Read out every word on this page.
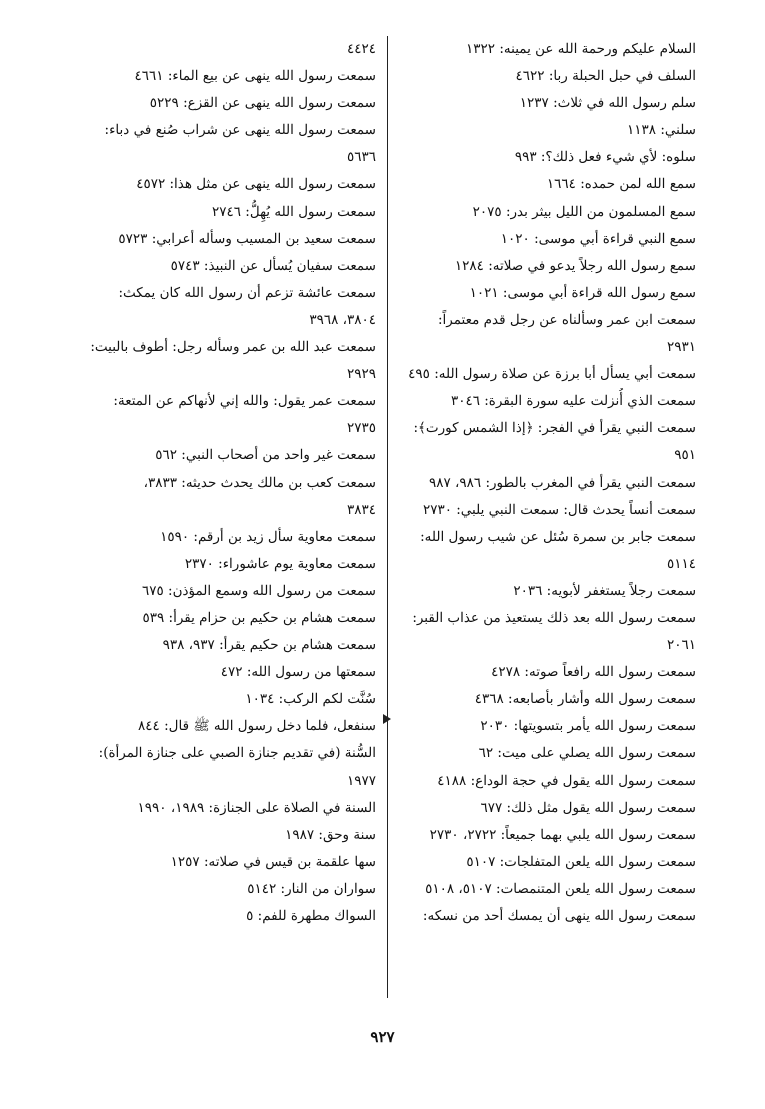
السلام عليكم ورحمة الله عن يمينه: ١٣٢٢
السلف في حبل الحبلة ربا: ٤٦٢٢
سلم رسول الله في ثلاث: ١٢٣٧
سلني: ١١٣٨
سلوه: لأي شيء فعل ذلك؟: ٩٩٣
سمع الله لمن حمده: ١٦٦٤
سمع المسلمون من الليل بيثر بدر: ٢٠٧٥
سمع النبي قراءة أبي موسى: ١٠٢٠
سمع رسول الله رجلاً يدعو في صلاته: ١٢٨٤
سمع رسول الله قراءة أبي موسى: ١٠٢١
سمعت ابن عمر وسألناه عن رجل قدم معتمراً:
٢٩٣١
سمعت أبي يسأل أبا برزة عن صلاة رسول الله: ٤٩٥
سمعت الذي أُنزلت عليه سورة البقرة: ٣٠٤٦
سمعت النبي يقرأ في الفجر: ﴿إذا الشمس كورت﴾:
٩٥١
سمعت النبي يقرأ في المغرب بالطور: ٩٨٦، ٩٨٧
سمعت أنساً يحدث قال: سمعت النبي يلبي: ٢٧٣٠
سمعت جابر بن سمرة سُئل عن شيب رسول الله:
٥١١٤
سمعت رجلاً يستغفر لأبويه: ٢٠٣٦
سمعت رسول الله بعد ذلك يستعيذ من عذاب القبر:
٢٠٦١
سمعت رسول الله رافعاً صوته: ٤٢٧٨
سمعت رسول الله وأشار بأصابعه: ٤٣٦٨
سمعت رسول الله يأمر بتسويتها: ٢٠٣٠
سمعت رسول الله يصلي على ميت: ٦٢
سمعت رسول الله يقول في حجة الوداع: ٤١٨٨
سمعت رسول الله يقول مثل ذلك: ٦٧٧
سمعت رسول الله يلبي بهما جميعاً: ٢٧٢٢، ٢٧٣٠
سمعت رسول الله يلعن المتفلجات: ٥١٠٧
سمعت رسول الله يلعن المتنمصات: ٥١٠٧، ٥١٠٨
سمعت رسول الله ينهى أن يمسك أحد من نسكه:
٤٤٢٤
سمعت رسول الله ينهى عن بيع الماء: ٤٦٦١
سمعت رسول الله ينهى عن القزع: ٥٢٢٩
سمعت رسول الله ينهى عن شراب صُنع في دباء:
٥٦٣٦
سمعت رسول الله ينهى عن مثل هذا: ٤٥٧٢
سمعت رسول الله يُهِلُّ: ٢٧٤٦
سمعت سعيد بن المسيب وسأله أعرابي: ٥٧٢٣
سمعت سفيان يُسأل عن النبيذ: ٥٧٤٣
سمعت عائشة تزعم أن رسول الله كان يمكث:
٣٨٠٤، ٣٩٦٨
سمعت عبد الله بن عمر وسأله رجل: أطوف بالبيت:
٢٩٢٩
سمعت عمر يقول: والله إني لأنهاكم عن المتعة:
٢٧٣٥
سمعت غير واحد من أصحاب النبي: ٥٦٢
سمعت كعب بن مالك يحدث حديثه: ٣٨٣٣،
٣٨٣٤
سمعت معاوية سأل زيد بن أرقم: ١٥٩٠
سمعت معاوية يوم عاشوراء: ٢٣٧٠
سمعت من رسول الله وسمع المؤذن: ٦٧٥
سمعت هشام بن حكيم بن حزام يقرأ: ٥٣٩
سمعت هشام بن حكيم يقرأ: ٩٣٧، ٩٣٨
سمعتها من رسول الله: ٤٧٢
سُنَّت لكم الركب: ١٠٣٤
سنفعل، فلما دخل رسول الله ﷺ قال: ٨٤٤
السُّنة (في تقديم جنازة الصبي على جنازة المرأة):
١٩٧٧
السنة في الصلاة على الجنازة: ١٩٨٩، ١٩٩٠
سنة وحق: ١٩٨٧
سها علقمة بن قيس في صلاته: ١٢٥٧
سواران من النار: ٥١٤٢
السواك مطهرة للفم: ٥
٩٢٧
